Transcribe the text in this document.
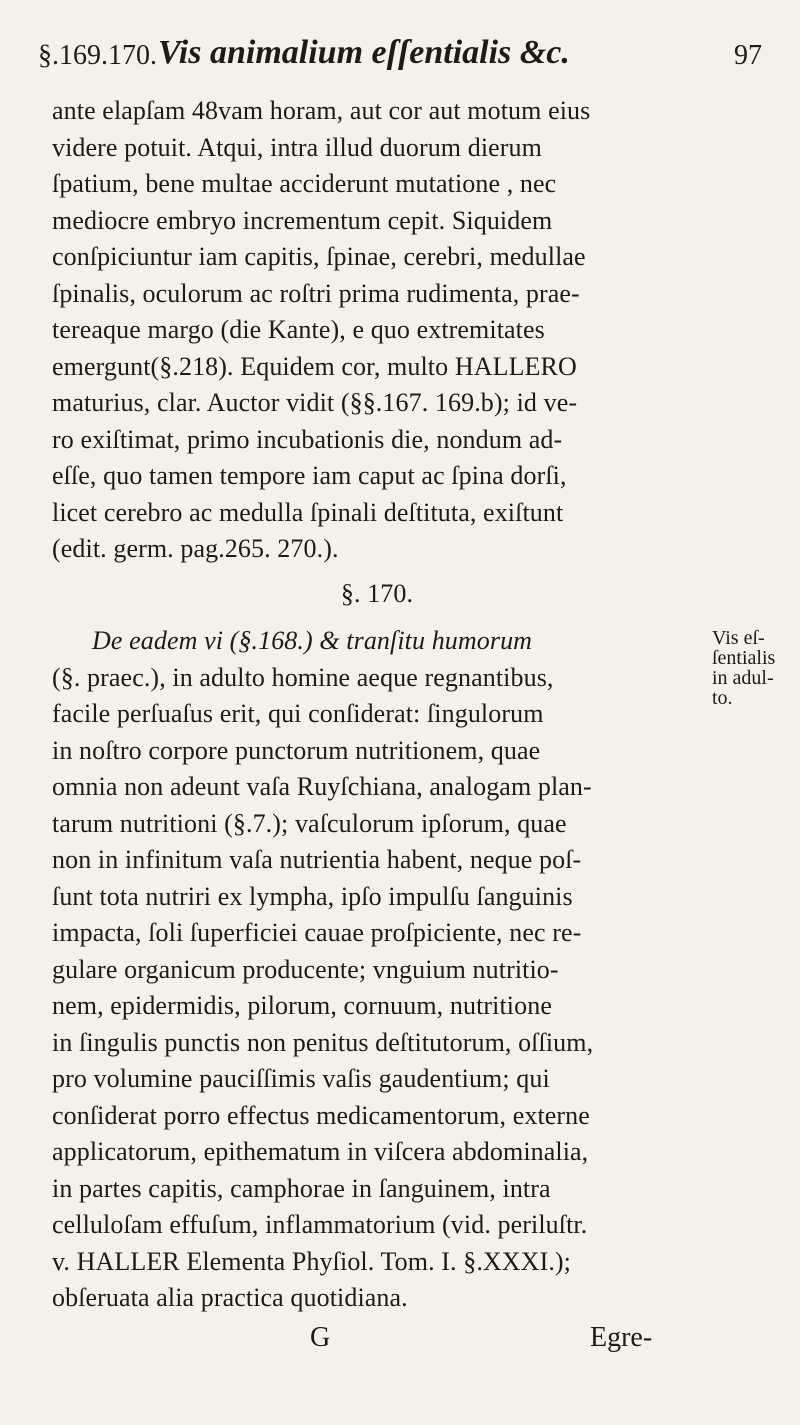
§.169.170. Vis animalium eſſentialis &c.	97
ante elapſam 48vam horam, aut cor aut motum eius
videre potuit. Atqui, intra illud duorum dierum
ſpatium, bene multae acciderunt mutatione , nec
mediocre embryo incrementum cepit. Siquidem
conſpiciuntur iam capitis, ſpinae, cerebri, medullae
ſpinalis, oculorum ac roſtri prima rudimenta, prae-
tereaque margo (die Kante), e quo extremitates
emergunt(§.218). Equidem cor, multo HALLERO
maturius, clar. Auctor vidit (§§.167. 169.b); id ve-
ro exiſtimat, primo incubationis die, nondum ad-
eſſe, quo tamen tempore iam caput ac ſpina dorſi,
licet cerebro ac medulla ſpinali deſtituta, exiſtunt
(edit. germ. pag.265. 270.).
§. 170.
De eadem vi (§.168.) & tranſitu humorum
(§. praec.), in adulto homine aeque regnantibus,
facile perſuaſus erit, qui conſiderat: ſingulorum
in noſtro corpore punctorum nutritionem, quae
omnia non adeunt vaſa Ruyſchiana, analogam plan-
tarum nutritioni (§.7.); vaſculorum ipſorum, quae
non in infinitum vaſa nutrientia habent, neque poſ-
ſunt tota nutriri ex lympha, ipſo impulſu ſanguinis
impacta, ſoli ſuperficiei cauae proſpiciente, nec re-
gulare organicum producente; vnguium nutritio-
nem, epidermidis, pilorum, cornuum, nutritione
in ſingulis punctis non penitus deſtitutorum, oſſium,
pro volumine pauciſſimis vaſis gaudentium; qui
conſiderat porro effectus medicamentorum, externe
applicatorum, epithematum in viſcera abdominalia,
in partes capitis, camphorae in ſanguinem, intra
celluloſam effuſum, inflammatorium (vid. periluſtr.
v. HALLER Elementa Phyſiol. Tom. I. §.XXXI.);
obſeruata alia practica quotidiana.
Vis eſ-
ſentialis
in adul-
to.
G	Egre-
